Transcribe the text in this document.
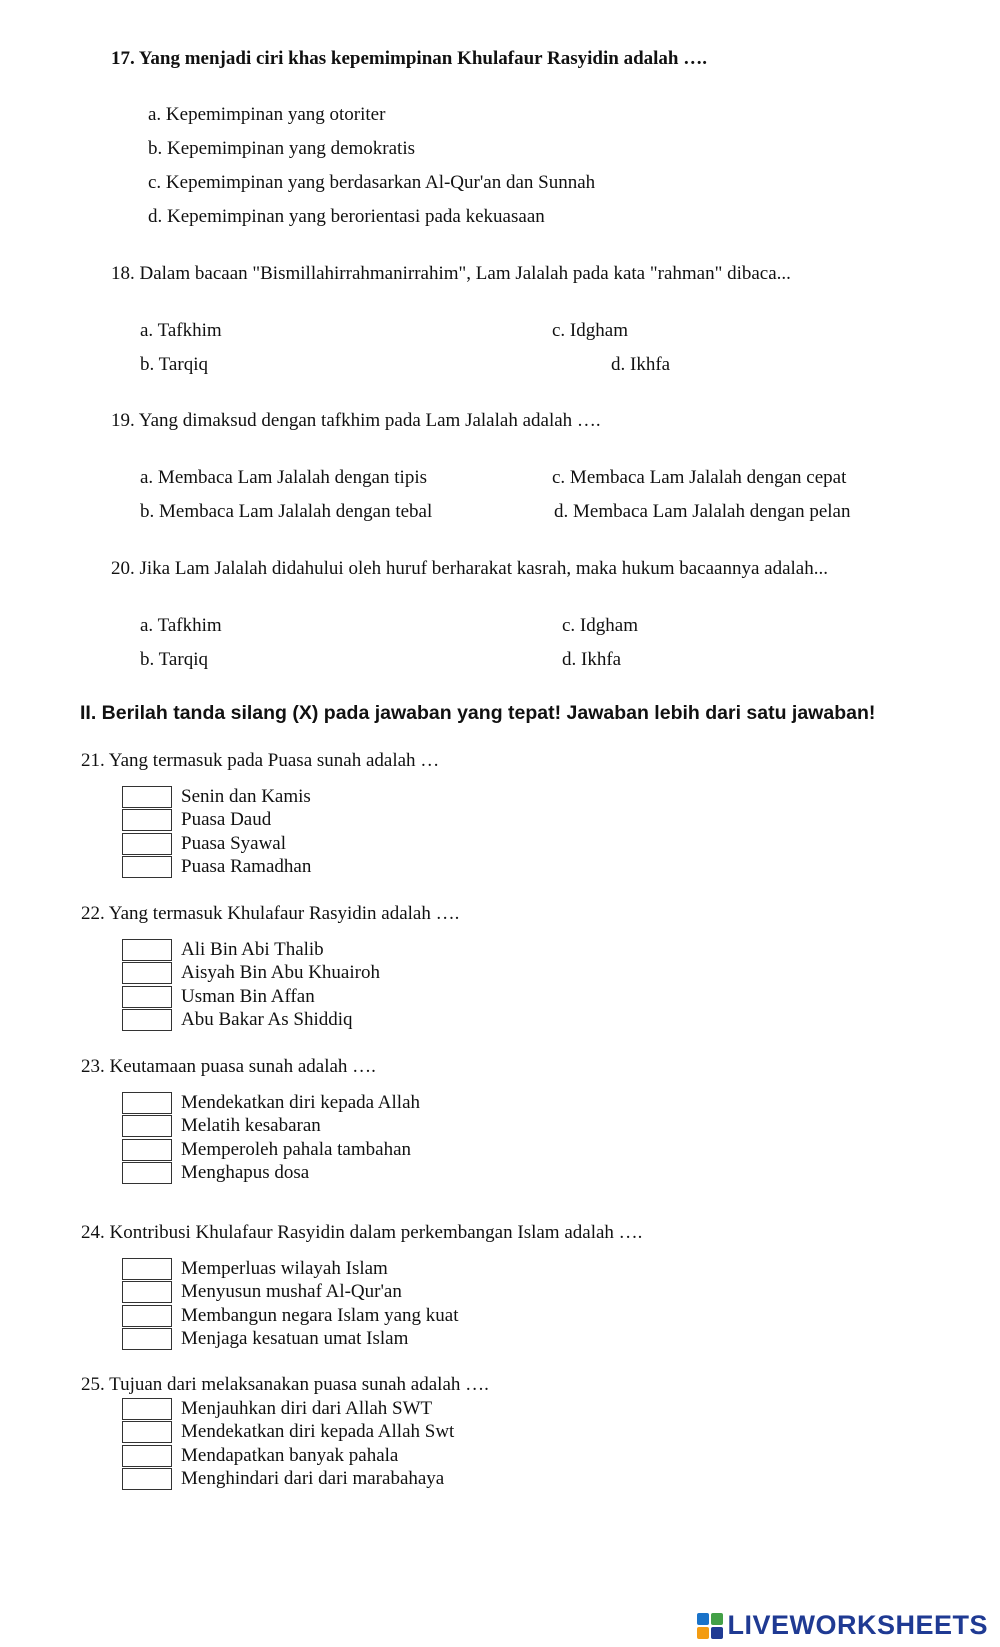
17. Yang menjadi ciri khas kepemimpinan Khulafaur Rasyidin adalah ….
a. Kepemimpinan yang otoriter
b. Kepemimpinan yang demokratis
c. Kepemimpinan yang berdasarkan Al-Qur'an dan Sunnah
d. Kepemimpinan yang berorientasi pada kekuasaan
18. Dalam bacaan "Bismillahirrahmanirrahim", Lam Jalalah pada kata "rahman" dibaca...
a. Tafkhim
b. Tarqiq
c. Idgham
d. Ikhfa
19. Yang dimaksud dengan tafkhim pada Lam Jalalah adalah ….
a. Membaca Lam Jalalah dengan tipis
b. Membaca Lam Jalalah dengan tebal
c. Membaca Lam Jalalah dengan cepat
d. Membaca Lam Jalalah dengan pelan
20. Jika Lam Jalalah didahului oleh huruf berharakat kasrah, maka hukum bacaannya adalah...
a. Tafkhim
b. Tarqiq
c. Idgham
d. Ikhfa
II. Berilah tanda silang (X) pada jawaban yang tepat! Jawaban lebih dari satu jawaban!
21. Yang termasuk pada Puasa sunah adalah …
Senin dan Kamis
Puasa Daud
Puasa Syawal
Puasa Ramadhan
22. Yang termasuk Khulafaur Rasyidin adalah ….
Ali Bin Abi Thalib
Aisyah Bin Abu Khuairoh
Usman Bin Affan
Abu Bakar As Shiddiq
23. Keutamaan puasa sunah adalah ….
Mendekatkan diri kepada Allah
Melatih kesabaran
Memperoleh pahala tambahan
Menghapus dosa
24. Kontribusi Khulafaur Rasyidin dalam perkembangan Islam adalah ….
Memperluas wilayah Islam
Menyusun mushaf Al-Qur'an
Membangun negara Islam yang kuat
Menjaga kesatuan umat Islam
25. Tujuan dari melaksanakan puasa sunah adalah ….
Menjauhkan diri dari Allah SWT
Mendekatkan diri kepada Allah Swt
Mendapatkan banyak pahala
Menghindari dari dari marabahaya
LIVEWORKSHEETS
